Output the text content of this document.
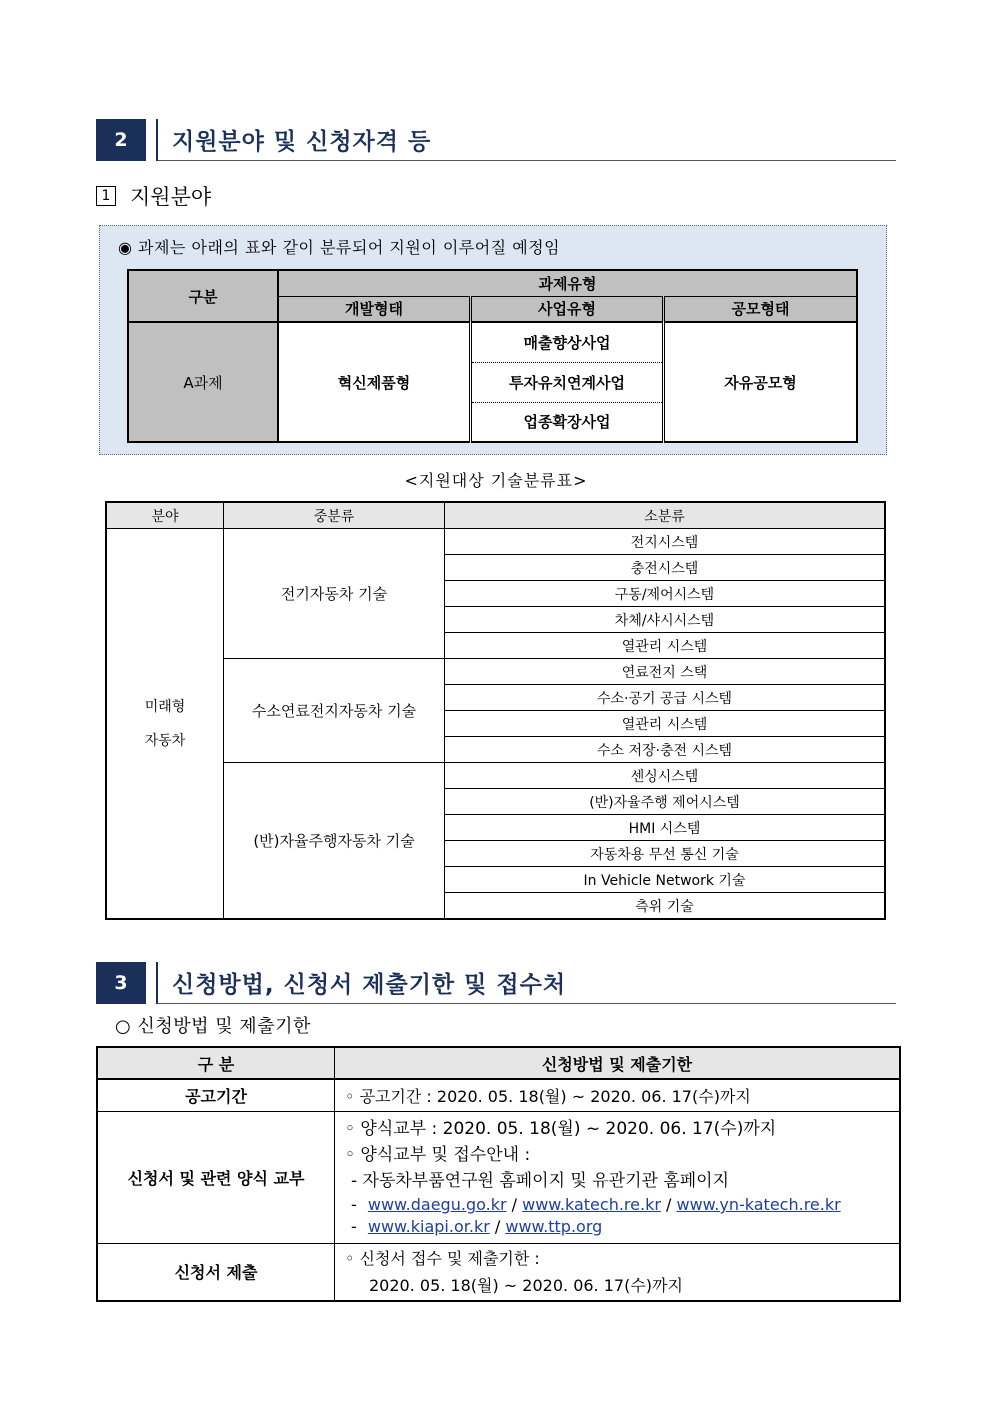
2	지원분야 및 신청자격 등
1 지원분야
◉ 과제는 아래의 표와 같이 분류되어 지원이 이루어질 예정임
구분	과제유형		
	개발형태	사업유형	공모형태
A과제	혁신제품형	매출향상사업	자유공모형
		투자유치연계사업	
		업종확장사업	
<지원대상 기술분류표>
분야	중분류	소분류
미래형
자동차	전기자동차 기술	전지시스템
		충전시스템
		구동/제어시스템
		차체/샤시시스템
		열관리 시스템
	수소연료전지자동차 기술	연료전지 스택
		수소·공기 공급 시스템
		열관리 시스템
		수소 저장·충전 시스템
	(반)자율주행자동차 기술	센싱시스템
		(반)자율주행 제어시스템
		HMI 시스템
		자동차용 무선 통신 기술
		In Vehicle Network 기술
		측위 기술
3	신청방법, 신청서 제출기한 및 접수처
○ 신청방법 및 제출기한
구 분	신청방법 및 제출기한
공고기간	◦ 공고기간 : 2020. 05. 18(월) ~ 2020. 06. 17(수)까지
신청서 및 관련 양식 교부	◦ 양식교부 : 2020. 05. 18(월) ~ 2020. 06. 17(수)까지
◦ 양식교부 및 접수안내 :
- 자동차부품연구원 홈페이지 및 유관기관 홈페이지
- www.daegu.go.kr / www.katech.re.kr / www.yn-katech.re.kr
- www.kiapi.or.kr / www.ttp.org

신청서 제출	◦ 신청서 접수 및 제출기한 :
2020. 05. 18(월) ~ 2020. 06. 17(수)까지
